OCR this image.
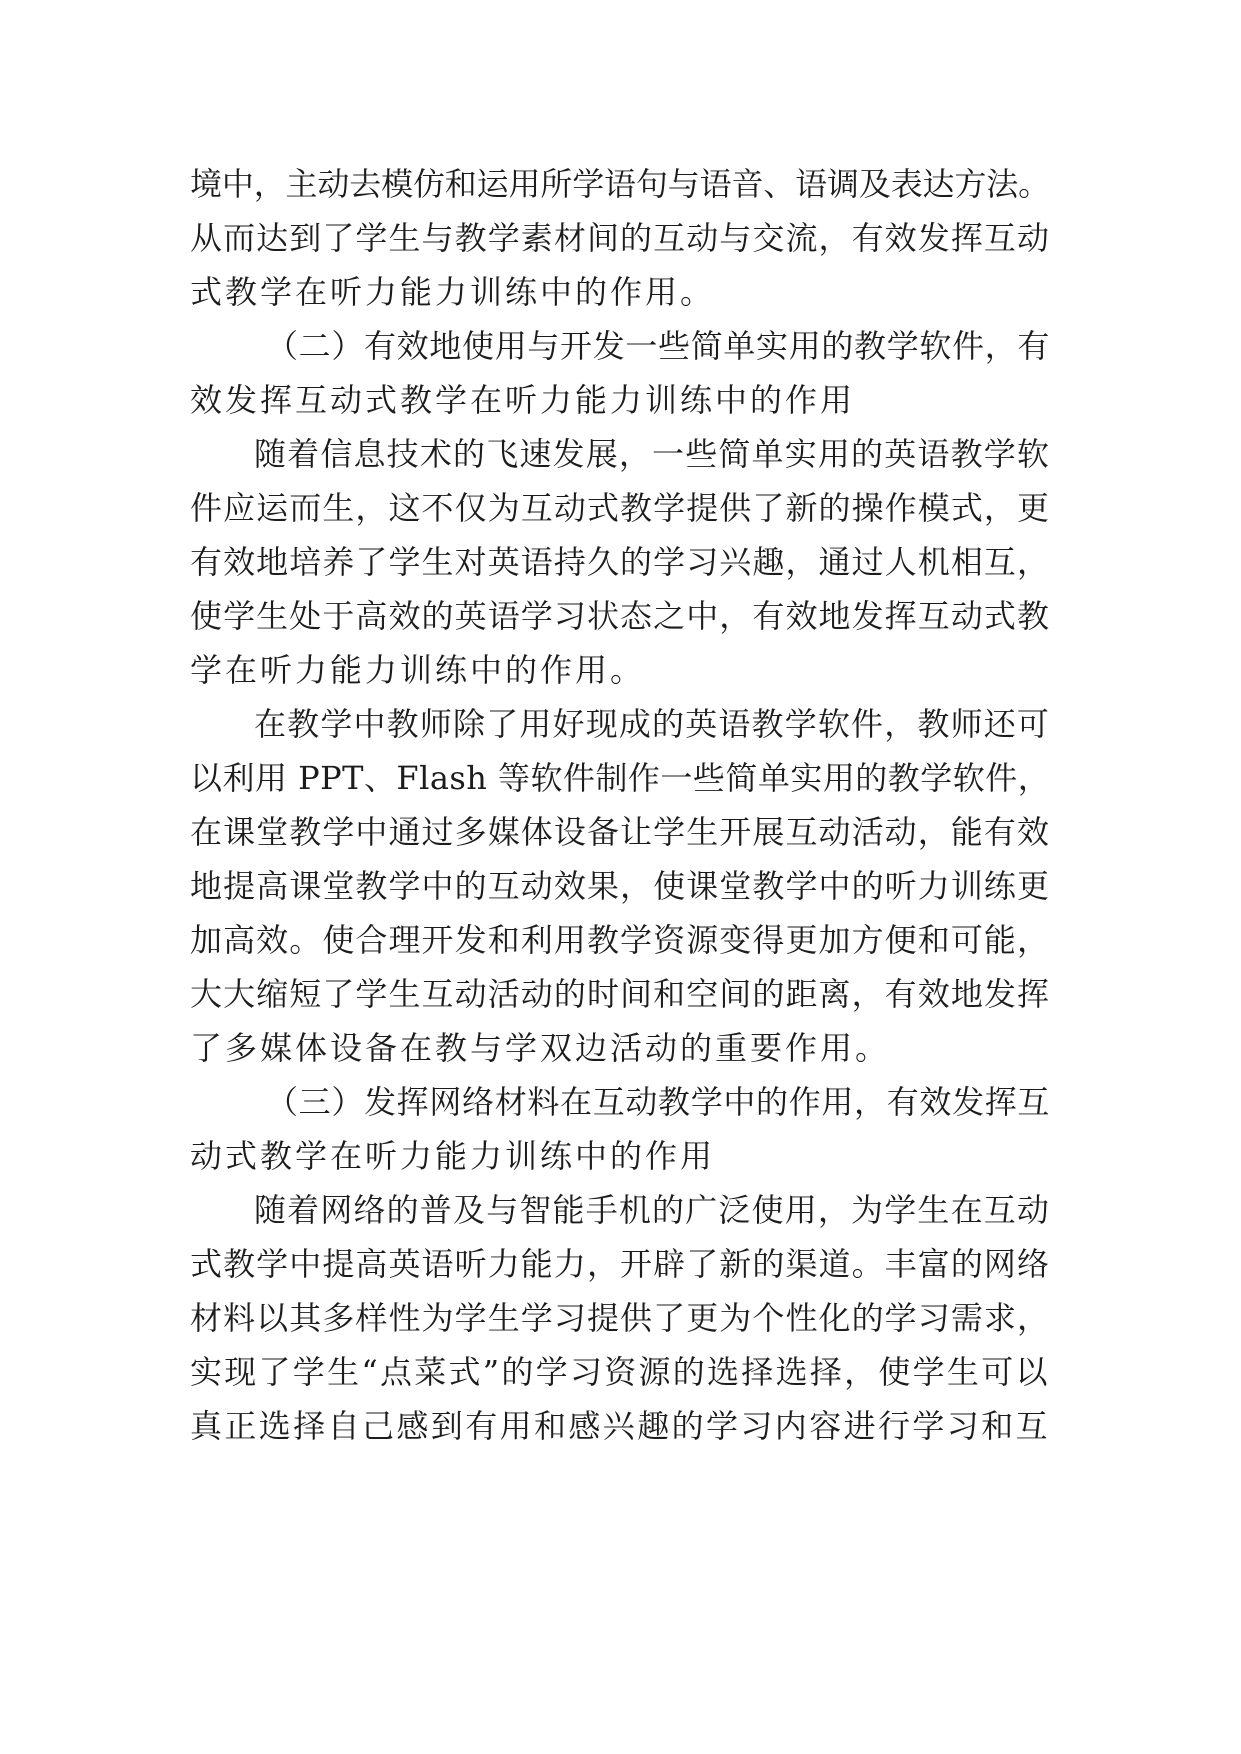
境中，主动去模仿和运用所学语句与语音、语调及表达方法。
从而达到了学生与教学素材间的互动与交流，有效发挥互动
式教学在听力能力训练中的作用。
（二）有效地使用与开发一些简单实用的教学软件，有
效发挥互动式教学在听力能力训练中的作用
随着信息技术的飞速发展，一些简单实用的英语教学软
件应运而生，这不仅为互动式教学提供了新的操作模式，更
有效地培养了学生对英语持久的学习兴趣，通过人机相互，
使学生处于高效的英语学习状态之中，有效地发挥互动式教
学在听力能力训练中的作用。
在教学中教师除了用好现成的英语教学软件，教师还可
以利用 PPT、Flash 等软件制作一些简单实用的教学软件，
在课堂教学中通过多媒体设备让学生开展互动活动，能有效
地提高课堂教学中的互动效果，使课堂教学中的听力训练更
加高效。使合理开发和利用教学资源变得更加方便和可能，
大大缩短了学生互动活动的时间和空间的距离，有效地发挥
了多媒体设备在教与学双边活动的重要作用。
（三）发挥网络材料在互动教学中的作用，有效发挥互
动式教学在听力能力训练中的作用
随着网络的普及与智能手机的广泛使用，为学生在互动
式教学中提高英语听力能力，开辟了新的渠道。丰富的网络
材料以其多样性为学生学习提供了更为个性化的学习需求，
实现了学生“点菜式”的学习资源的选择选择，使学生可以
真正选择自己感到有用和感兴趣的学习内容进行学习和互
